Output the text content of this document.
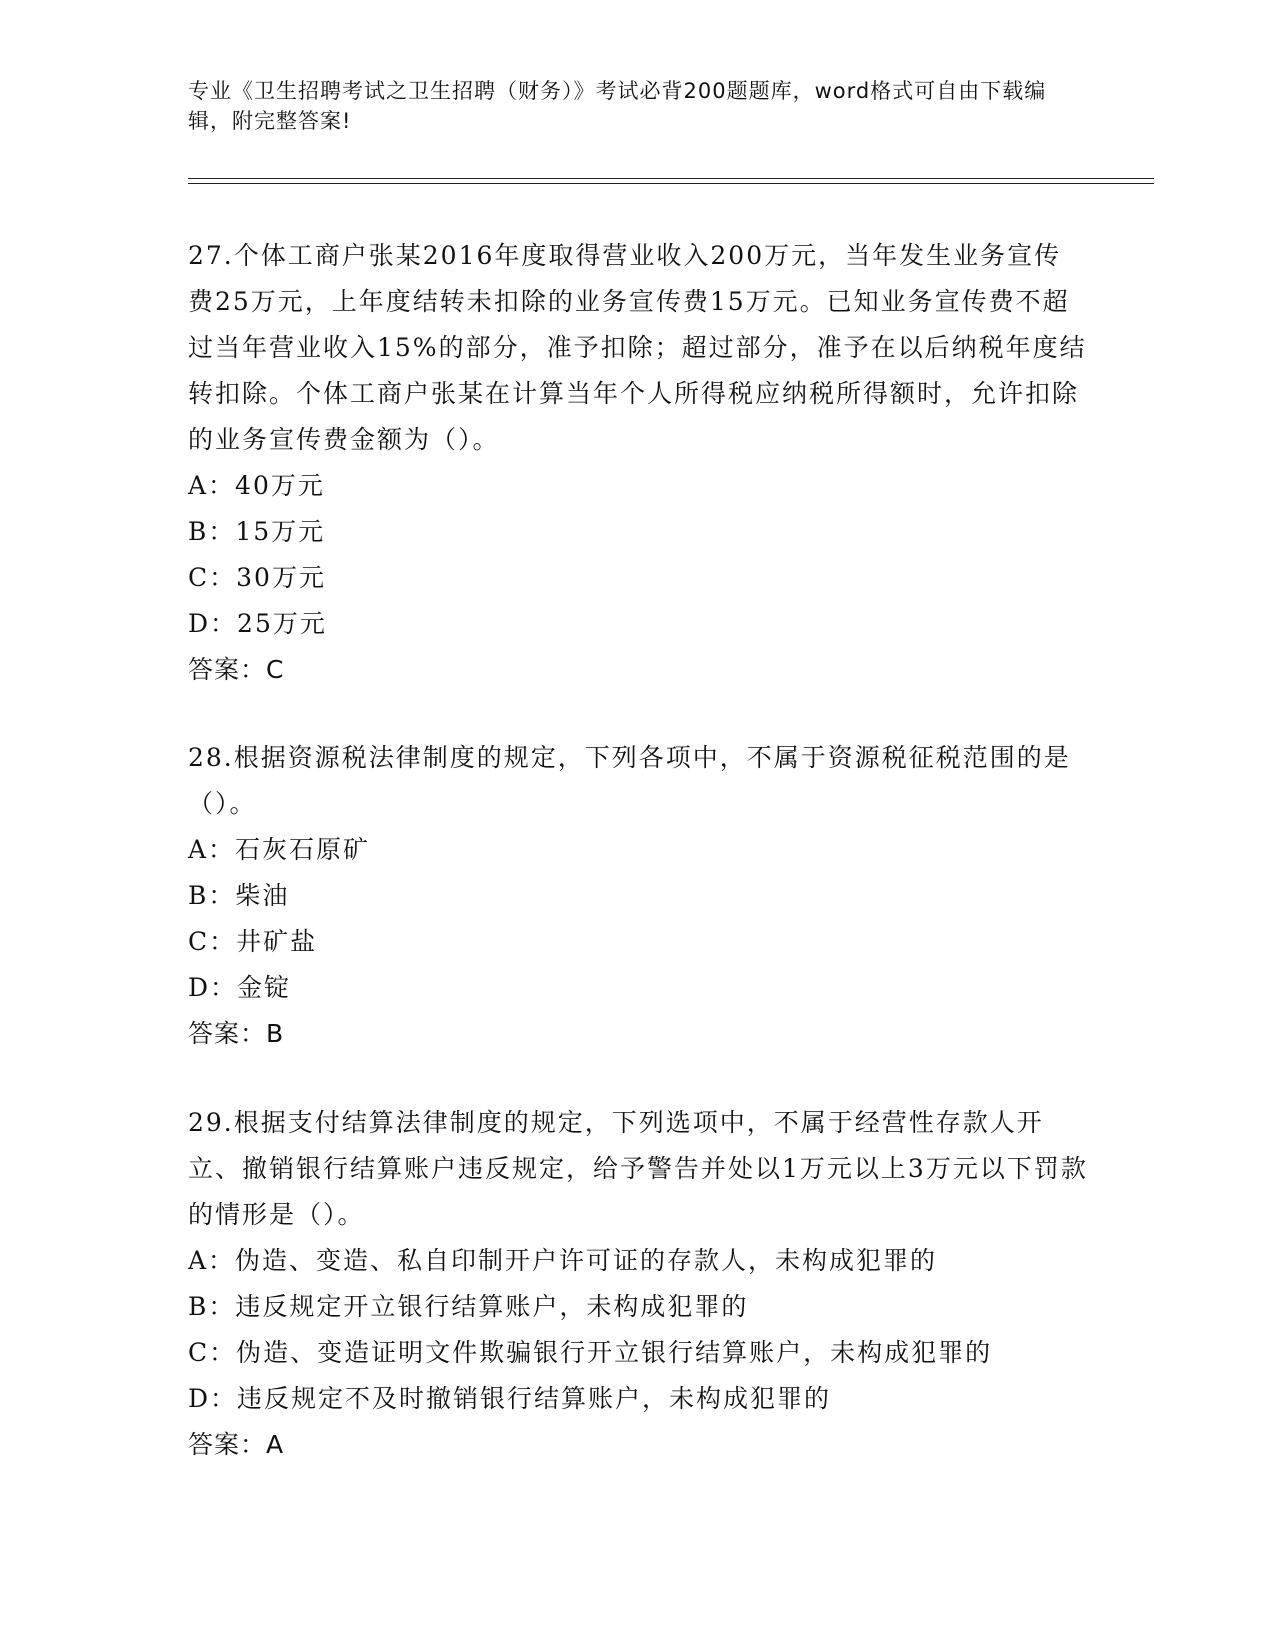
专业《卫生招聘考试之卫生招聘（财务）》考试必背200题题库，word格式可自由下载编辑，附完整答案!

27.个体工商户张某2016年度取得营业收入200万元，当年发生业务宣传费25万元，上年度结转未扣除的业务宣传费15万元。已知业务宣传费不超过当年营业收入15%的部分，准予扣除；超过部分，准予在以后纳税年度结转扣除。个体工商户张某在计算当年个人所得税应纳税所得额时，允许扣除的业务宣传费金额为（）。

A：40万元

B：15万元

C：30万元

D：25万元

答案：C

28.根据资源税法律制度的规定，下列各项中，不属于资源税征税范围的是（）。

A：石灰石原矿

B：柴油

C：井矿盐

D：金锭

答案：B

29.根据支付结算法律制度的规定，下列选项中，不属于经营性存款人开立、撤销银行结算账户违反规定，给予警告并处以1万元以上3万元以下罚款的情形是（）。

A：伪造、变造、私自印制开户许可证的存款人，未构成犯罪的

B：违反规定开立银行结算账户，未构成犯罪的

C：伪造、变造证明文件欺骗银行开立银行结算账户，未构成犯罪的

D：违反规定不及时撤销银行结算账户，未构成犯罪的

答案：A
